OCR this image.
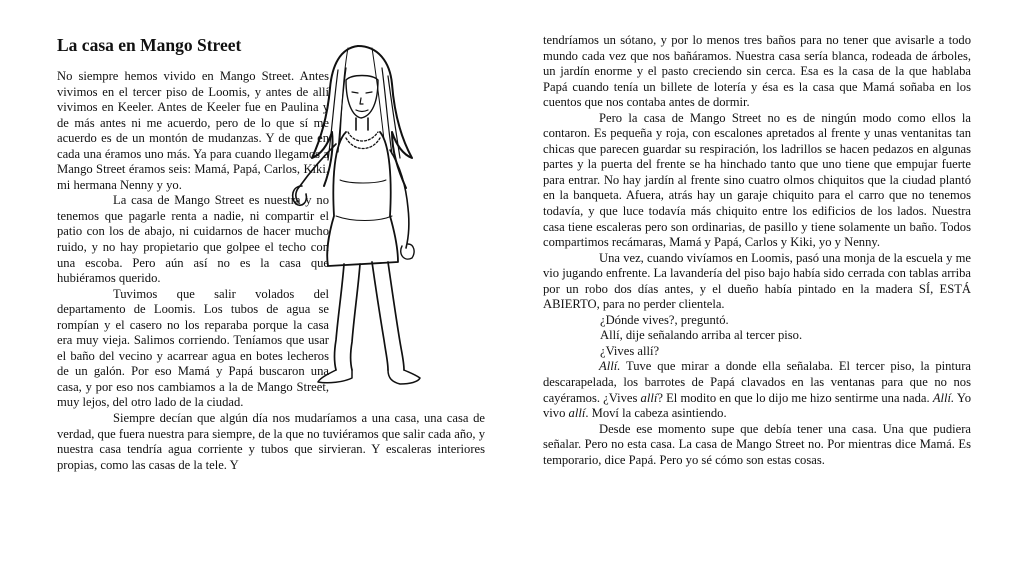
La casa en Mango Street

No siempre hemos vivido en Mango Street. Antes vivimos en el tercer piso de Loomis, y antes de allí vivimos en Keeler. Antes de Keeler fue en Paulina y de más antes ni me acuerdo, pero de lo que sí me acuerdo es de un montón de mudanzas. Y de que en cada una éramos uno más. Ya para cuando llegamos a Mango Street éramos seis: Mamá, Papá, Carlos, Kiki, mi hermana Nenny y yo.

La casa de Mango Street es nuestra y no tenemos que pagarle renta a nadie, ni compartir el patio con los de abajo, ni cuidarnos de hacer mucho ruido, y no hay propietario que golpee el techo con una escoba. Pero aún así no es la casa que hubiéramos querido.

Tuvimos que salir volados del departamento de Loomis. Los tubos de agua se rompían y el casero no los reparaba porque la casa era muy vieja. Salimos corriendo. Teníamos que usar el baño del vecino y acarrear agua en botes lecheros de un galón. Por eso Mamá y Papá buscaron una casa, y por eso nos cambiamos a la de Mango Street, muy lejos, del otro lado de la ciudad.

Siempre decían que algún día nos mudaríamos a una casa, una casa de verdad, que fuera nuestra para siempre, de la que no tuviéramos que salir cada año, y nuestra casa tendría agua corriente y tubos que sirvieran. Y escaleras interiores propias, como las casas de la tele. Y

tendríamos un sótano, y por lo menos tres baños para no tener que avisarle a todo mundo cada vez que nos bañáramos. Nuestra casa sería blanca, rodeada de árboles, un jardín enorme y el pasto creciendo sin cerca. Esa es la casa de la que hablaba Papá cuando tenía un billete de lotería y ésa es la casa que Mamá soñaba en los cuentos que nos contaba antes de dormir.

Pero la casa de Mango Street no es de ningún modo como ellos la contaron. Es pequeña y roja, con escalones apretados al frente y unas ventanitas tan chicas que parecen guardar su respiración, los ladrillos se hacen pedazos en algunas partes y la puerta del frente se ha hinchado tanto que uno tiene que empujar fuerte para entrar. No hay jardín al frente sino cuatro olmos chiquitos que la ciudad plantó en la banqueta. Afuera, atrás hay un garaje chiquito para el carro que no tenemos todavía, y que luce todavía más chiquito entre los edificios de los lados. Nuestra casa tiene escaleras pero son ordinarias, de pasillo y tiene solamente un baño. Todos compartimos recámaras, Mamá y Papá, Carlos y Kiki, yo y Nenny.

Una vez, cuando vivíamos en Loomis, pasó una monja de la escuela y me vio jugando enfrente. La lavandería del piso bajo había sido cerrada con tablas arriba por un robo dos días antes, y el dueño había pintado en la madera SÍ, ESTÁ ABIERTO, para no perder clientela.

¿Dónde vives?, preguntó.

Allí, dije señalando arriba al tercer piso.

¿Vives allí?

Allí. Tuve que mirar a donde ella señalaba. El tercer piso, la pintura descarapelada, los barrotes de Papá clavados en las ventanas para que no nos cayéramos. ¿Vives allí? El modito en que lo dijo me hizo sentirme una nada. Allí. Yo vivo allí. Moví la cabeza asintiendo.

Desde ese momento supe que debía tener una casa. Una que pudiera señalar. Pero no esta casa. La casa de Mango Street no. Por mientras dice Mamá. Es temporario, dice Papá. Pero yo sé cómo son estas cosas.
